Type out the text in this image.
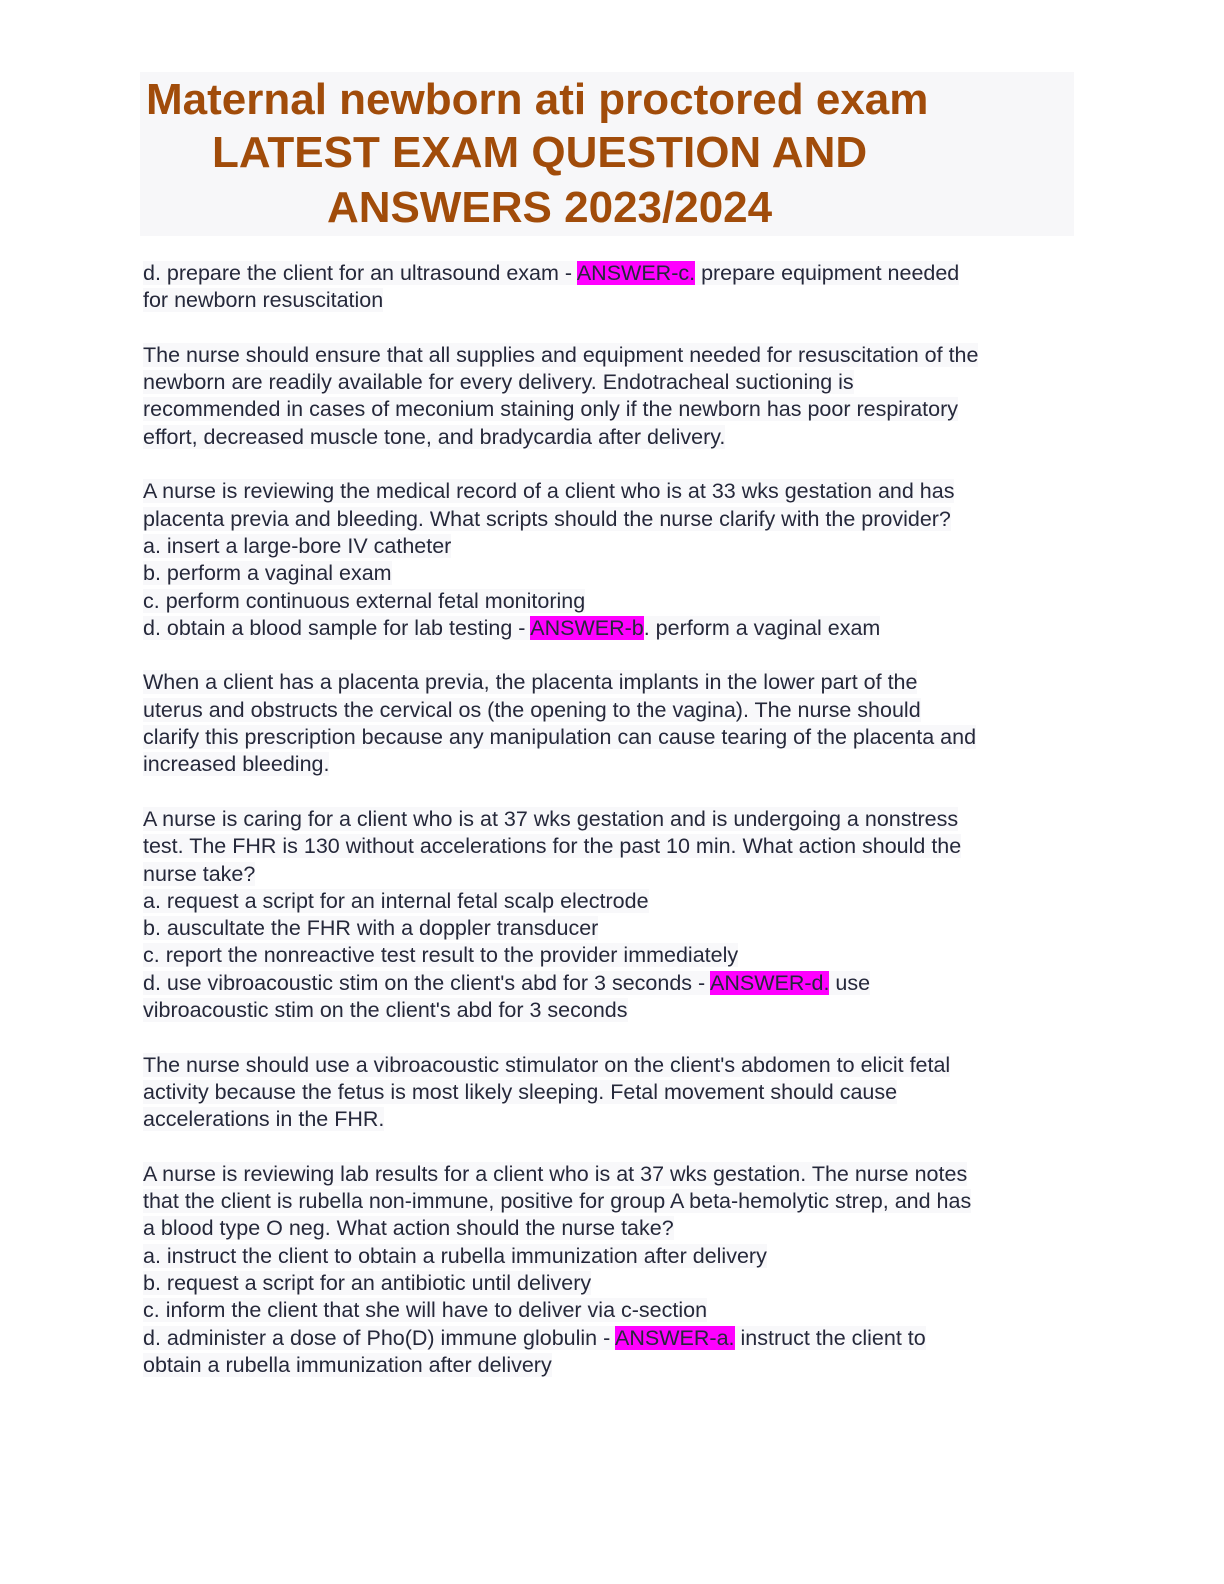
Maternal newborn ati proctored exam
LATEST EXAM QUESTION AND
ANSWERS 2023/2024
d. prepare the client for an ultrasound exam - ANSWER-c. prepare equipment needed
for newborn resuscitation
The nurse should ensure that all supplies and equipment needed for resuscitation of the
newborn are readily available for every delivery. Endotracheal suctioning is
recommended in cases of meconium staining only if the newborn has poor respiratory
effort, decreased muscle tone, and bradycardia after delivery.
A nurse is reviewing the medical record of a client who is at 33 wks gestation and has
placenta previa and bleeding. What scripts should the nurse clarify with the provider?
a. insert a large-bore IV catheter
b. perform a vaginal exam
c. perform continuous external fetal monitoring
d. obtain a blood sample for lab testing - ANSWER-b. perform a vaginal exam
When a client has a placenta previa, the placenta implants in the lower part of the
uterus and obstructs the cervical os (the opening to the vagina). The nurse should
clarify this prescription because any manipulation can cause tearing of the placenta and
increased bleeding.
A nurse is caring for a client who is at 37 wks gestation and is undergoing a nonstress
test. The FHR is 130 without accelerations for the past 10 min. What action should the
nurse take?
a. request a script for an internal fetal scalp electrode
b. auscultate the FHR with a doppler transducer
c. report the nonreactive test result to the provider immediately
d. use vibroacoustic stim on the client's abd for 3 seconds - ANSWER-d. use
vibroacoustic stim on the client's abd for 3 seconds
The nurse should use a vibroacoustic stimulator on the client's abdomen to elicit fetal
activity because the fetus is most likely sleeping. Fetal movement should cause
accelerations in the FHR.
A nurse is reviewing lab results for a client who is at 37 wks gestation. The nurse notes
that the client is rubella non-immune, positive for group A beta-hemolytic strep, and has
a blood type O neg. What action should the nurse take?
a. instruct the client to obtain a rubella immunization after delivery
b. request a script for an antibiotic until delivery
c. inform the client that she will have to deliver via c-section
d. administer a dose of Pho(D) immune globulin - ANSWER-a. instruct the client to
obtain a rubella immunization after delivery
